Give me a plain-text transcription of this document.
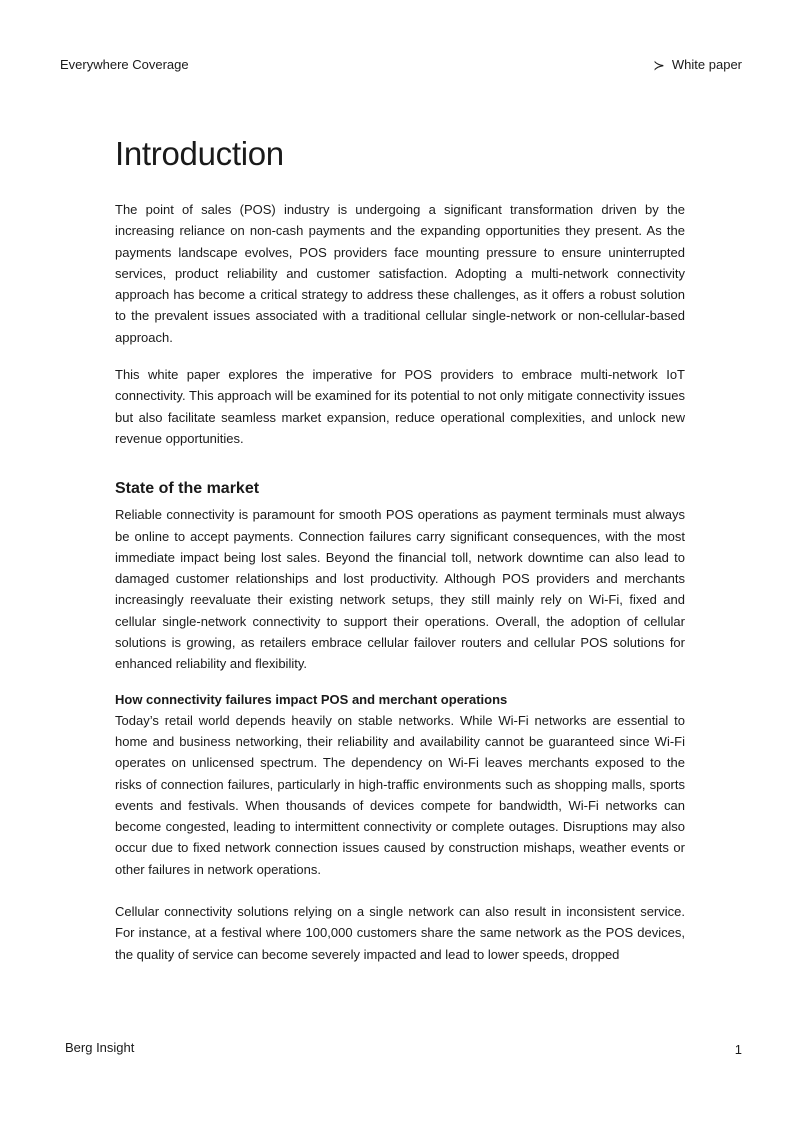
Everywhere Coverage	≻ White paper
Introduction

The point of sales (POS) industry is undergoing a significant transformation driven by the increasing reliance on non-cash payments and the expanding opportunities they present. As the payments landscape evolves, POS providers face mounting pressure to ensure uninterrupted services, product reliability and customer satisfaction. Adopting a multi-network connectivity approach has become a critical strategy to address these challenges, as it offers a robust solution to the prevalent issues associated with a traditional cellular single-network or non-cellular-based approach.

This white paper explores the imperative for POS providers to embrace multi-network IoT connectivity. This approach will be examined for its potential to not only mitigate connectivity issues but also facilitate seamless market expansion, reduce operational complexities, and unlock new revenue opportunities.

State of the market

Reliable connectivity is paramount for smooth POS operations as payment terminals must always be online to accept payments. Connection failures carry significant consequences, with the most immediate impact being lost sales. Beyond the financial toll, network downtime can also lead to damaged customer relationships and lost productivity. Although POS providers and merchants increasingly reevaluate their existing network setups, they still mainly rely on Wi-Fi, fixed and cellular single-network connectivity to support their operations. Overall, the adoption of cellular solutions is growing, as retailers embrace cellular failover routers and cellular POS solutions for enhanced reliability and flexibility.

How connectivity failures impact POS and merchant operations

Today’s retail world depends heavily on stable networks. While Wi-Fi networks are essential to home and business networking, their reliability and availability cannot be guaranteed since Wi-Fi operates on unlicensed spectrum. The dependency on Wi-Fi leaves merchants exposed to the risks of connection failures, particularly in high-traffic environments such as shopping malls, sports events and festivals. When thousands of devices compete for bandwidth, Wi-Fi networks can become congested, leading to intermittent connectivity or complete outages. Disruptions may also occur due to fixed network connection issues caused by construction mishaps, weather events or other failures in network operations.

Cellular connectivity solutions relying on a single network can also result in inconsistent service. For instance, at a festival where 100,000 customers share the same network as the POS devices, the quality of service can become severely impacted and lead to lower speeds, dropped

Berg Insight	1
